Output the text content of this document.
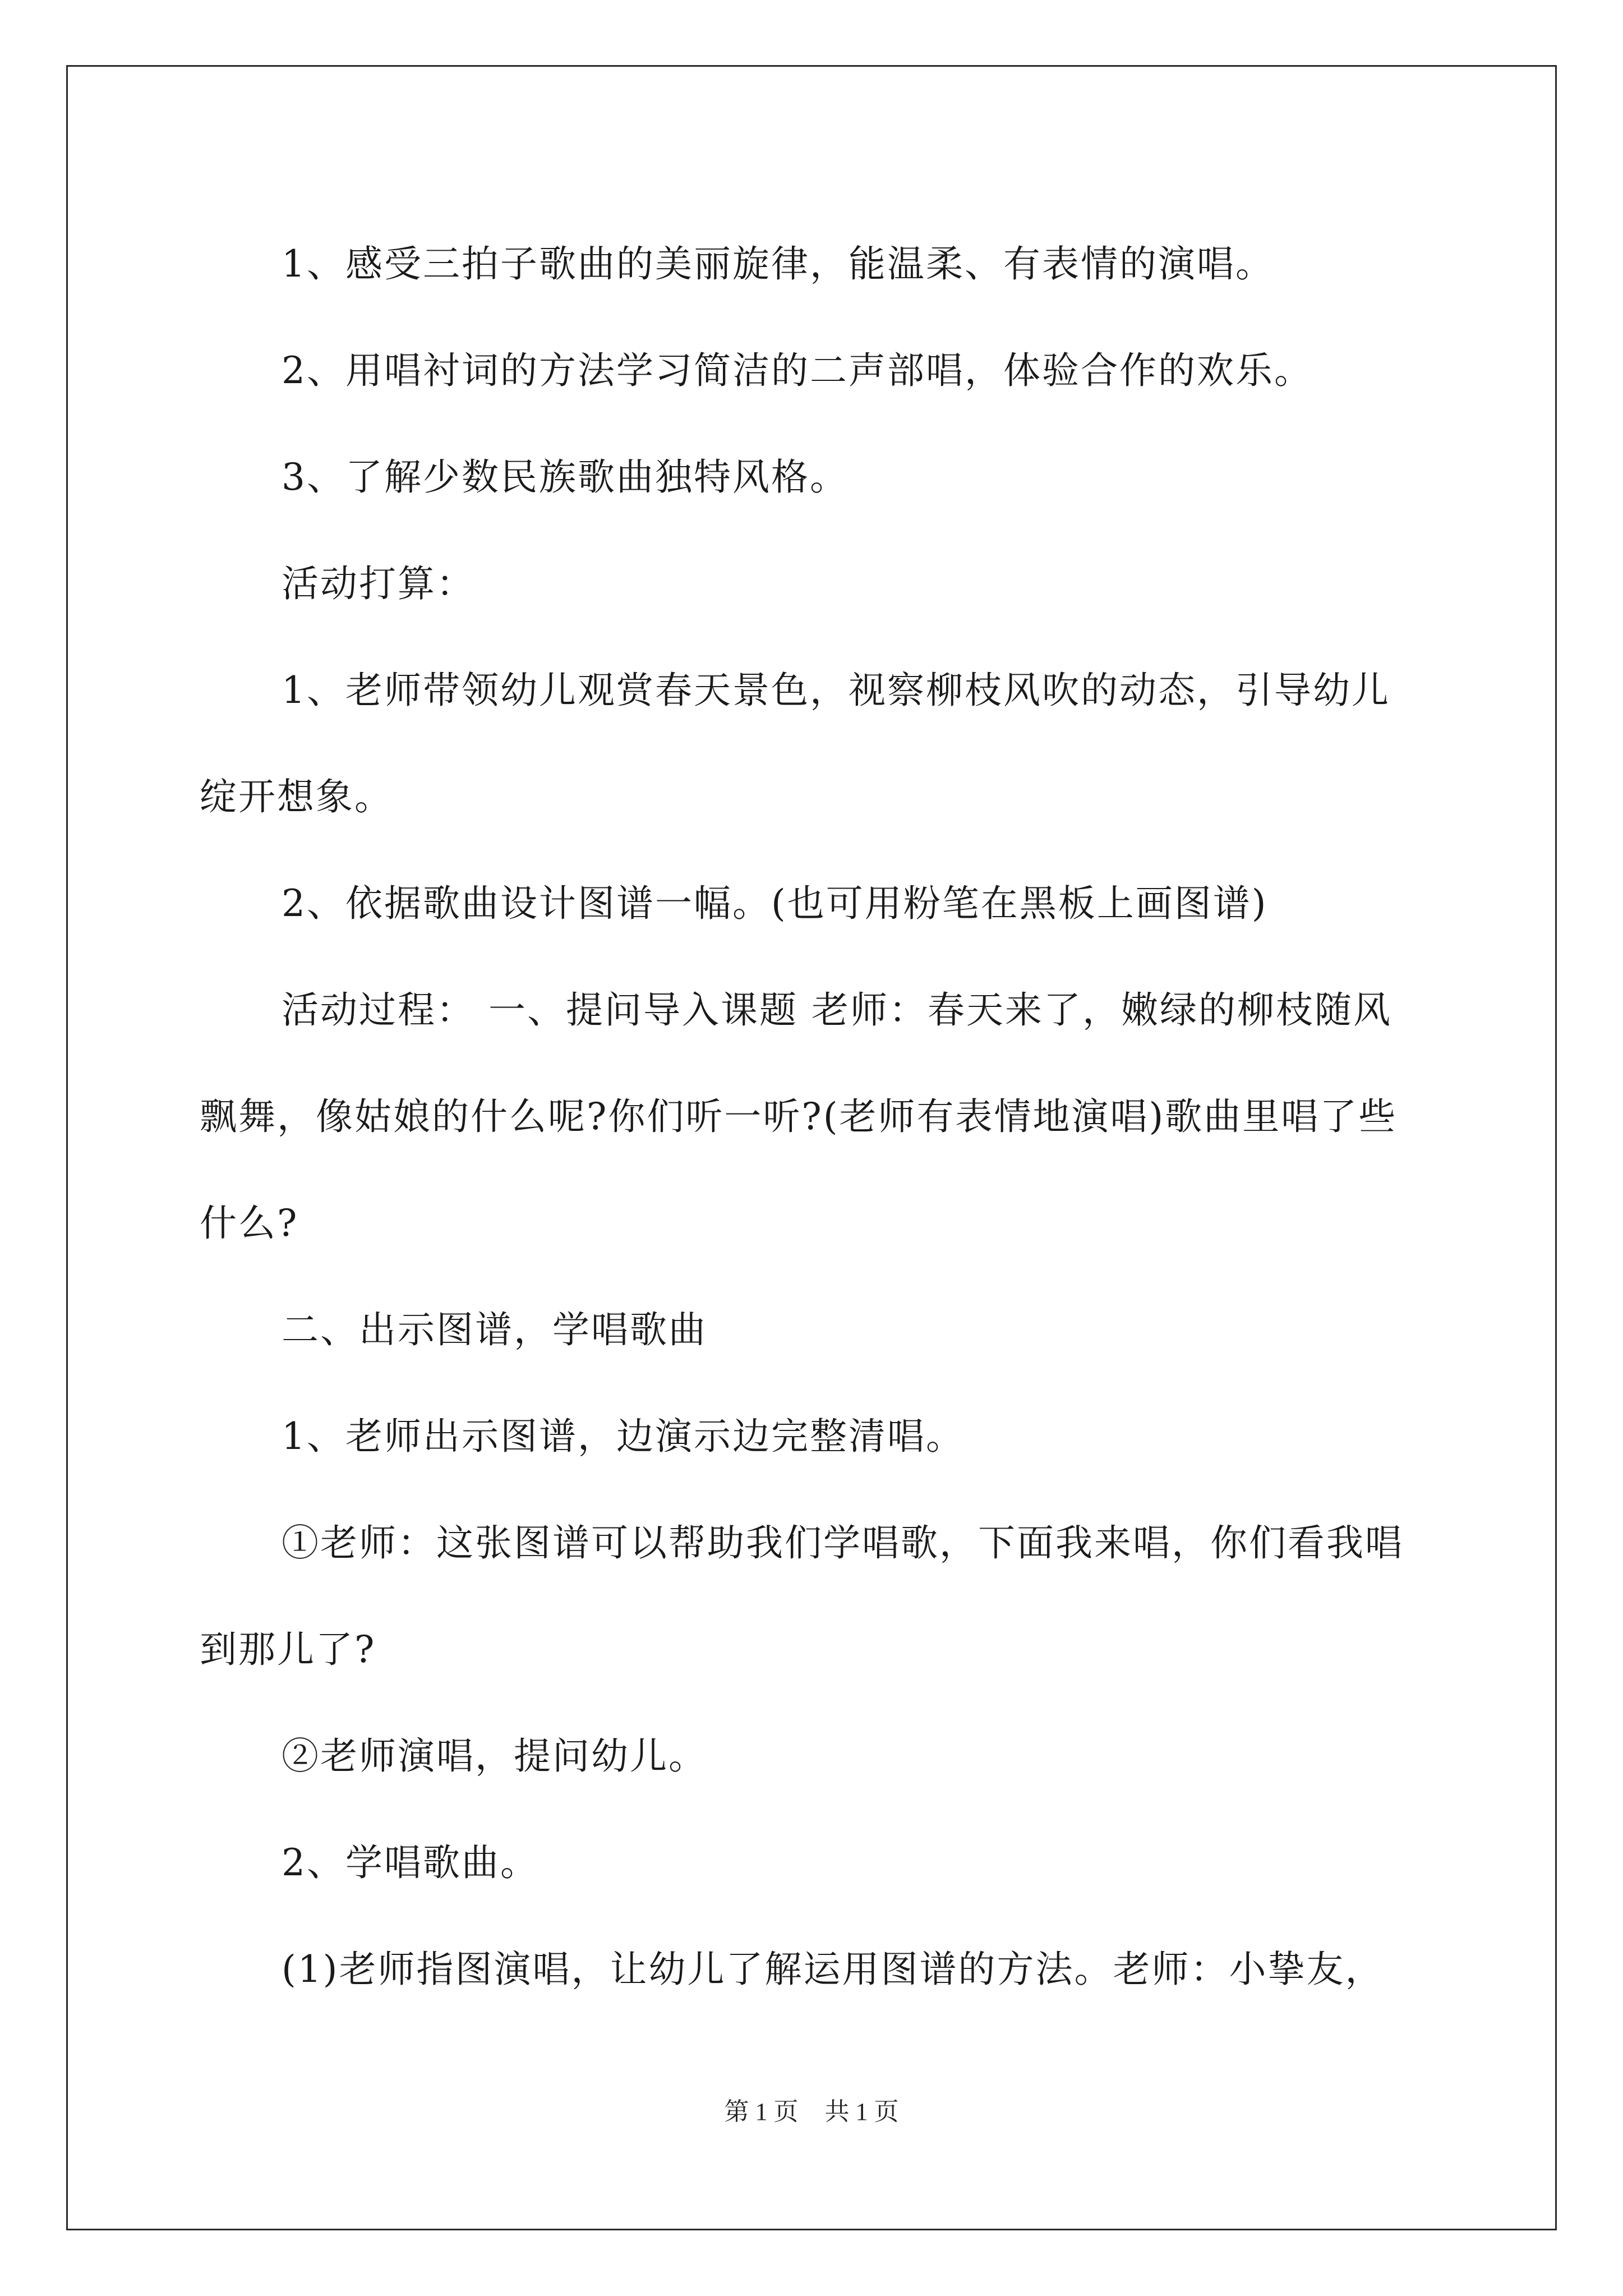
1、感受三拍子歌曲的美丽旋律，能温柔、有表情的演唱。

2、用唱衬词的方法学习简洁的二声部唱，体验合作的欢乐。

3、了解少数民族歌曲独特风格。

活动打算：

1、老师带领幼儿观赏春天景色，视察柳枝风吹的动态，引导幼儿绽开想象。

2、依据歌曲设计图谱一幅。(也可用粉笔在黑板上画图谱)

活动过程： 一、提问导入课题 老师：春天来了，嫩绿的柳枝随风飘舞，像姑娘的什么呢?你们听一听?(老师有表情地演唱)歌曲里唱了些什么?

二、出示图谱，学唱歌曲

1、老师出示图谱，边演示边完整清唱。

①老师：这张图谱可以帮助我们学唱歌，下面我来唱，你们看我唱到那儿了?

②老师演唱，提问幼儿。

2、学唱歌曲。

(1)老师指图演唱，让幼儿了解运用图谱的方法。老师：小挚友，

第 1 页 共 1 页
